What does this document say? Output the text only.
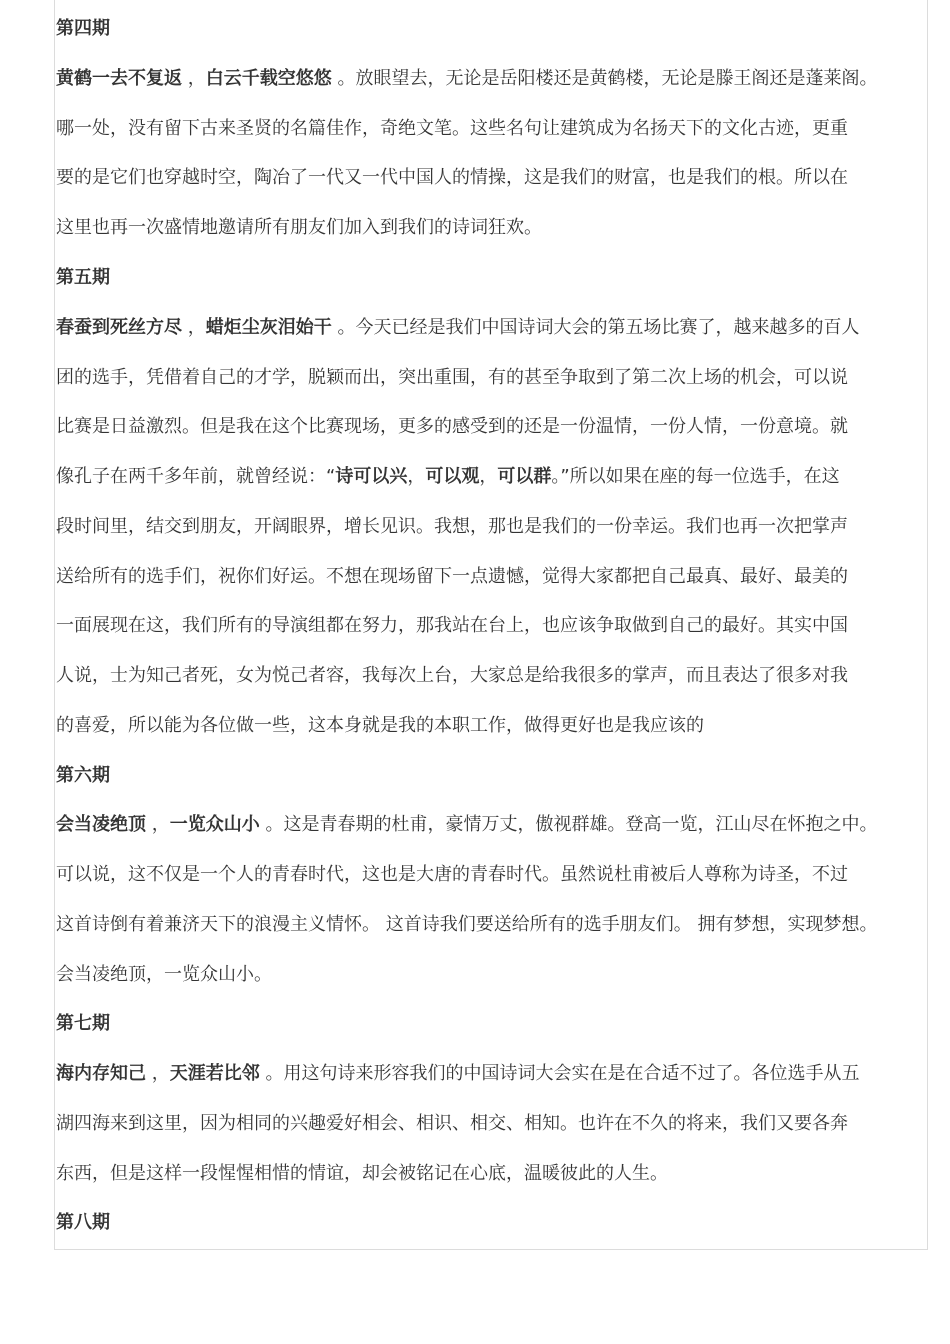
第四期
黄鹤一去不复返 ，白云千载空悠悠 。放眼望去，无论是岳阳楼还是黄鹤楼，无论是滕王阁还是蓬莱阁。
哪一处，没有留下古来圣贤的名篇佳作，奇绝文笔。这些名句让建筑成为名扬天下的文化古迹，更重
要的是它们也穿越时空，陶冶了一代又一代中国人的情操，这是我们的财富，也是我们的根。所以在
这里也再一次盛情地邀请所有朋友们加入到我们的诗词狂欢。
第五期
春蚕到死丝方尽 ，蜡炬尘灰泪始干 。今天已经是我们中国诗词大会的第五场比赛了，越来越多的百人
团的选手，凭借着自己的才学，脱颖而出，突出重围，有的甚至争取到了第二次上场的机会，可以说
比赛是日益激烈。但是我在这个比赛现场，更多的感受到的还是一份温情，一份人情，一份意境。就
像孔子在两千多年前，就曾经说：“诗可以兴，可以观，可以群。”所以如果在座的每一位选手，在这
段时间里，结交到朋友，开阔眼界，增长见识。我想，那也是我们的一份幸运。我们也再一次把掌声
送给所有的选手们，祝你们好运。不想在现场留下一点遗憾，觉得大家都把自己最真、最好、最美的
一面展现在这，我们所有的导演组都在努力，那我站在台上，也应该争取做到自己的最好。其实中国
人说，士为知己者死，女为悦己者容，我每次上台，大家总是给我很多的掌声，而且表达了很多对我
的喜爱，所以能为各位做一些，这本身就是我的本职工作，做得更好也是我应该的
第六期
会当凌绝顶 ，一览众山小 。这是青春期的杜甫，豪情万丈，傲视群雄。登高一览，江山尽在怀抱之中。
可以说，这不仅是一个人的青春时代，这也是大唐的青春时代。虽然说杜甫被后人尊称为诗圣，不过
这首诗倒有着兼济天下的浪漫主义情怀。 这首诗我们要送给所有的选手朋友们。 拥有梦想，实现梦想。
会当凌绝顶，一览众山小。
第七期
海内存知己 ，天涯若比邻 。用这句诗来形容我们的中国诗词大会实在是在合适不过了。各位选手从五
湖四海来到这里，因为相同的兴趣爱好相会、相识、相交、相知。也许在不久的将来，我们又要各奔
东西，但是这样一段惺惺相惜的情谊，却会被铭记在心底，温暖彼此的人生。
第八期
